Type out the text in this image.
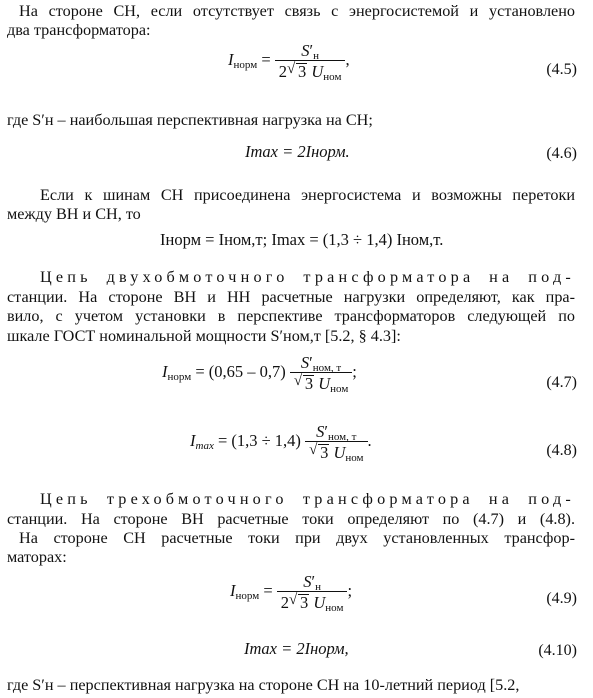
На стороне СН, если отсутствует связь с энергосистемой и установлено
два трансформатора:
$I_{норм} = \frac{S'_н}{2 √ 3 U_{ном}}$ ,
(4.5)
где S′н – наибольшая перспективная нагрузка на СН;
Imax = 2Iнорм.	(4.6)
Если к шинам СН присоединена энергосистема и возможны перетоки
между ВН и СН, то
Iнорм = Iном,т; Imax = (1,3 ÷ 1,4) Iном,т.
Цепь двухобмоточного трансформатора на под-
станции. На стороне ВН и НН расчетные нагрузки определяют, как пра-
вило, с учетом установки в перспективе трансформаторов следующей по
шкале ГОСТ номинальной мощности S′ном,т [5.2, § 4.3]:
$I_{норм} = (0,65 - 0,7) \frac{S'_{ном, т}}{√ 3 U_{ном}}$ ;
(4.7)
$I_{max} = (1,3 \div 1,4) \frac{S'_{ном, т}}{√ 3 U_{ном}}$ .
(4.8)
Цепь трехобмоточного трансформатора на под-
станции. На стороне ВН расчетные токи определяют по (4.7) и (4.8).
На стороне СН расчетные токи при двух установленных трансфор-
маторах:
$I_{норм} = \frac{S'_н}{2 √ 3 U_{ном}}$ ;	(4.9)
Imax = 2Iнорм,	(4.10)
где S′н – перспективная нагрузка на стороне СН на 10-летний период [5.2,
